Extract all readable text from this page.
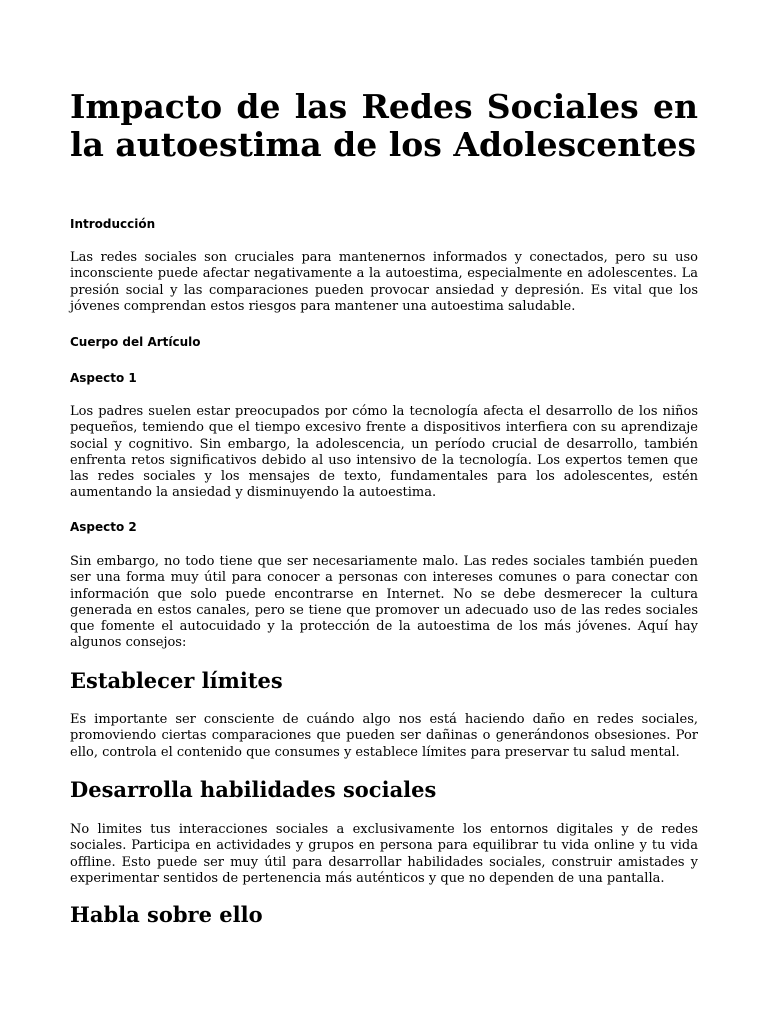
Impacto de las Redes Sociales en la autoestima de los Adolescentes
Introducción

Las redes sociales son cruciales para mantenernos informados y conectados, pero su uso inconsciente puede afectar negativamente a la autoestima, especialmente en adolescentes. La presión social y las comparaciones pueden provocar ansiedad y depresión. Es vital que los jóvenes comprendan estos riesgos para mantener una autoestima saludable.

Cuerpo del Artículo
Aspecto 1

Los padres suelen estar preocupados por cómo la tecnología afecta el desarrollo de los niños pequeños, temiendo que el tiempo excesivo frente a dispositivos interfiera con su aprendizaje social y cognitivo. Sin embargo, la adolescencia, un período crucial de desarrollo, también enfrenta retos significativos debido al uso intensivo de la tecnología. Los expertos temen que las redes sociales y los mensajes de texto, fundamentales para los adolescentes, estén aumentando la ansiedad y disminuyendo la autoestima.

Aspecto 2

Sin embargo, no todo tiene que ser necesariamente malo. Las redes sociales también pueden ser una forma muy útil para conocer a personas con intereses comunes o para conectar con información que solo puede encontrarse en Internet. No se debe desmerecer la cultura generada en estos canales, pero se tiene que promover un adecuado uso de las redes sociales que fomente el autocuidado y la protección de la autoestima de los más jóvenes. Aquí hay algunos consejos:

Establecer límites

Es importante ser consciente de cuándo algo nos está haciendo daño en redes sociales, promoviendo ciertas comparaciones que pueden ser dañinas o generándonos obsesiones. Por ello, controla el contenido que consumes y establece límites para preservar tu salud mental.

Desarrolla habilidades sociales

No limites tus interacciones sociales a exclusivamente los entornos digitales y de redes sociales. Participa en actividades y grupos en persona para equilibrar tu vida online y tu vida offline. Esto puede ser muy útil para desarrollar habilidades sociales, construir amistades y experimentar sentidos de pertenencia más auténticos y que no dependen de una pantalla.

Habla sobre ello
